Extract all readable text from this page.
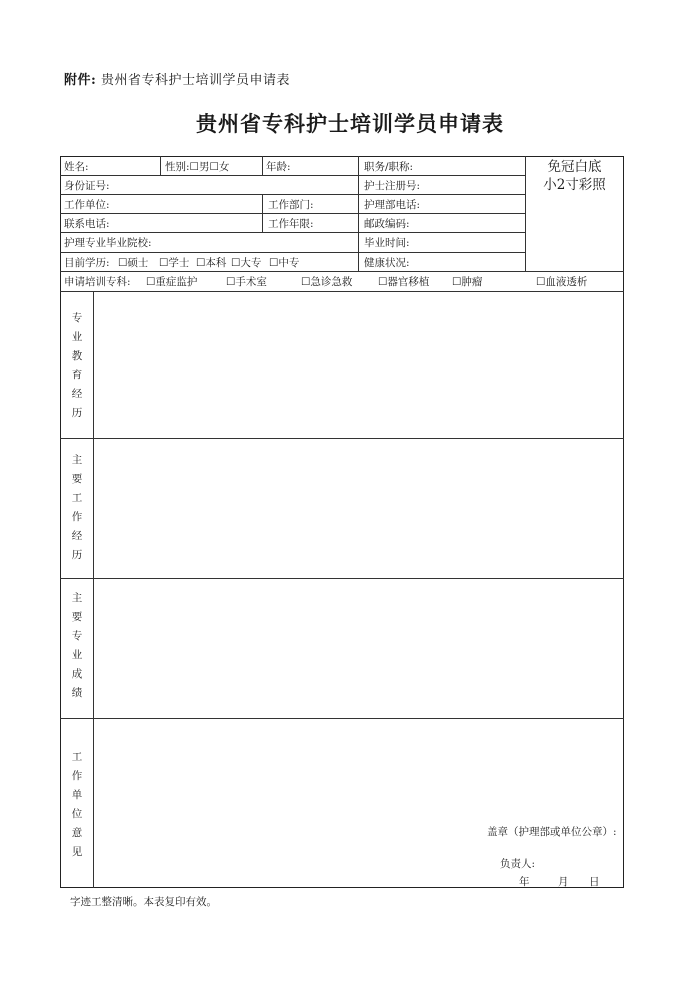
附件: 贵州省专科护士培训学员申请表
贵州省专科护士培训学员申请表
姓名:	性别:☐男☐女	年龄:	职务/职称:
身份证号:	护士注册号:
工作单位:	工作部门:	护理部电话:
联系电话:	工作年限:	邮政编码:
护理专业毕业院校:	毕业时间:
目前学历: ☐硕士 ☐学士 ☐本科 ☐大专 ☐中专	健康状况:
申请培训专科: ☐重症监护	☐手术室	☐急诊急救 ☐器官移植 ☐肿瘤	☐血液透析
免冠白底
小2寸彩照
专
业
教
育
经
历
主
要
工
作
经
历
主
要
专
业
成
绩
工
作
单
位
意
见
盖章（护理部或单位公章）:
负责人:
年	月 日
字迹工整清晰。本表复印有效。
